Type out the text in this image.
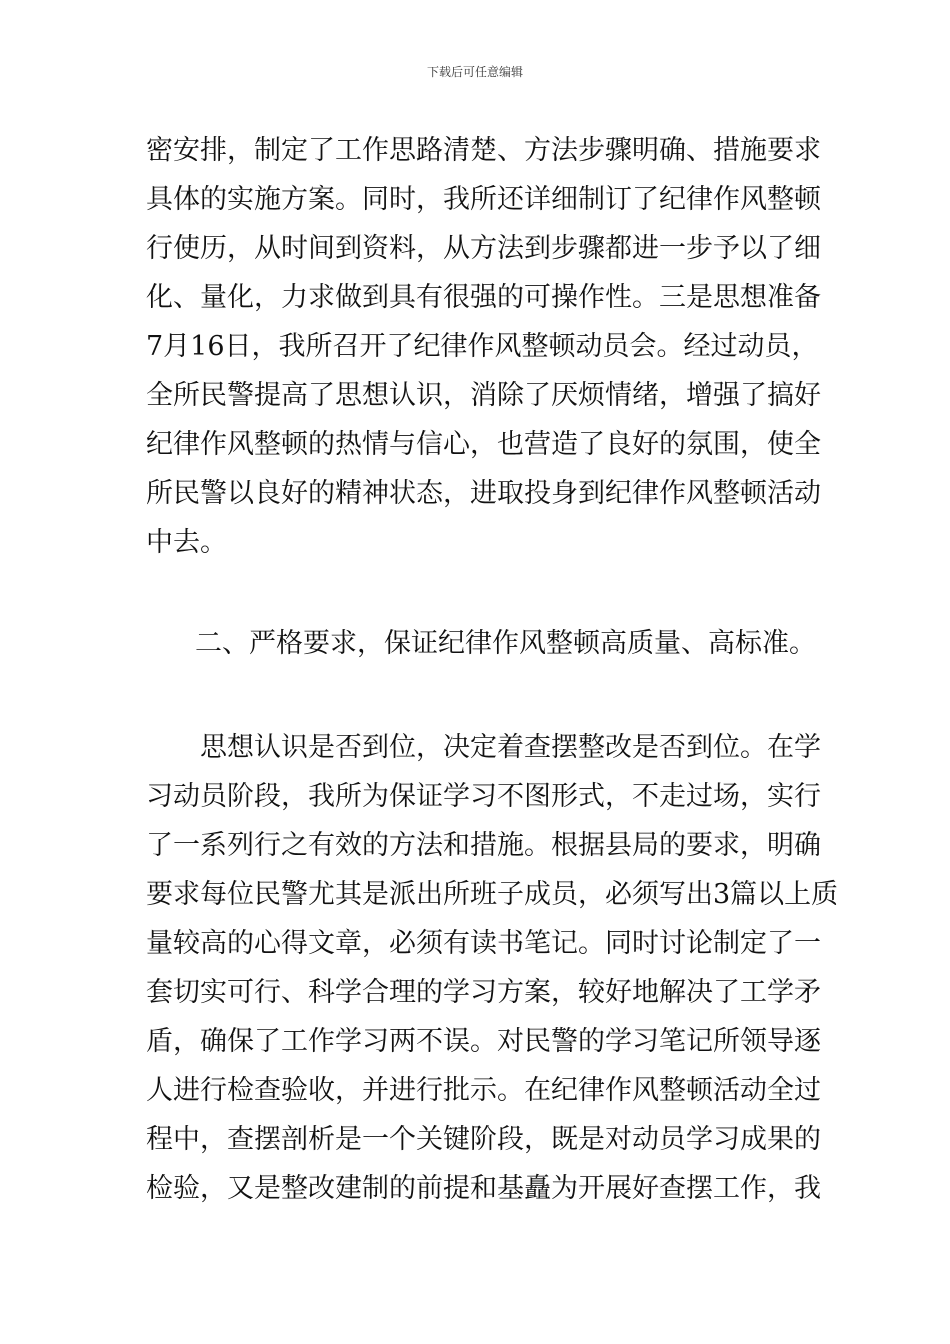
下载后可任意编辑
密安排，制定了工作思路清楚、方法步骤明确、措施要求
具体的实施方案。同时，我所还详细制订了纪律作风整顿
行使历，从时间到资料，从方法到步骤都进一步予以了细
化、量化，力求做到具有很强的可操作性。三是思想准备
7月16日，我所召开了纪律作风整顿动员会。经过动员，
全所民警提高了思想认识，消除了厌烦情绪，增强了搞好
纪律作风整顿的热情与信心，也营造了良好的氛围，使全
所民警以良好的精神状态，进取投身到纪律作风整顿活动
中去。
二、严格要求，保证纪律作风整顿高质量、高标准。
　　思想认识是否到位，决定着查摆整改是否到位。在学
习动员阶段，我所为保证学习不图形式，不走过场，实行
了一系列行之有效的方法和措施。根据县局的要求，明确
要求每位民警尤其是派出所班子成员，必须写出3篇以上质
量较高的心得文章，必须有读书笔记。同时讨论制定了一
套切实可行、科学合理的学习方案，较好地解决了工学矛
盾，确保了工作学习两不误。对民警的学习笔记所领导逐
人进行检查验收，并进行批示。在纪律作风整顿活动全过
程中，查摆剖析是一个关键阶段，既是对动员学习成果的
检验，又是整改建制的前提和基矗为开展好查摆工作，我
